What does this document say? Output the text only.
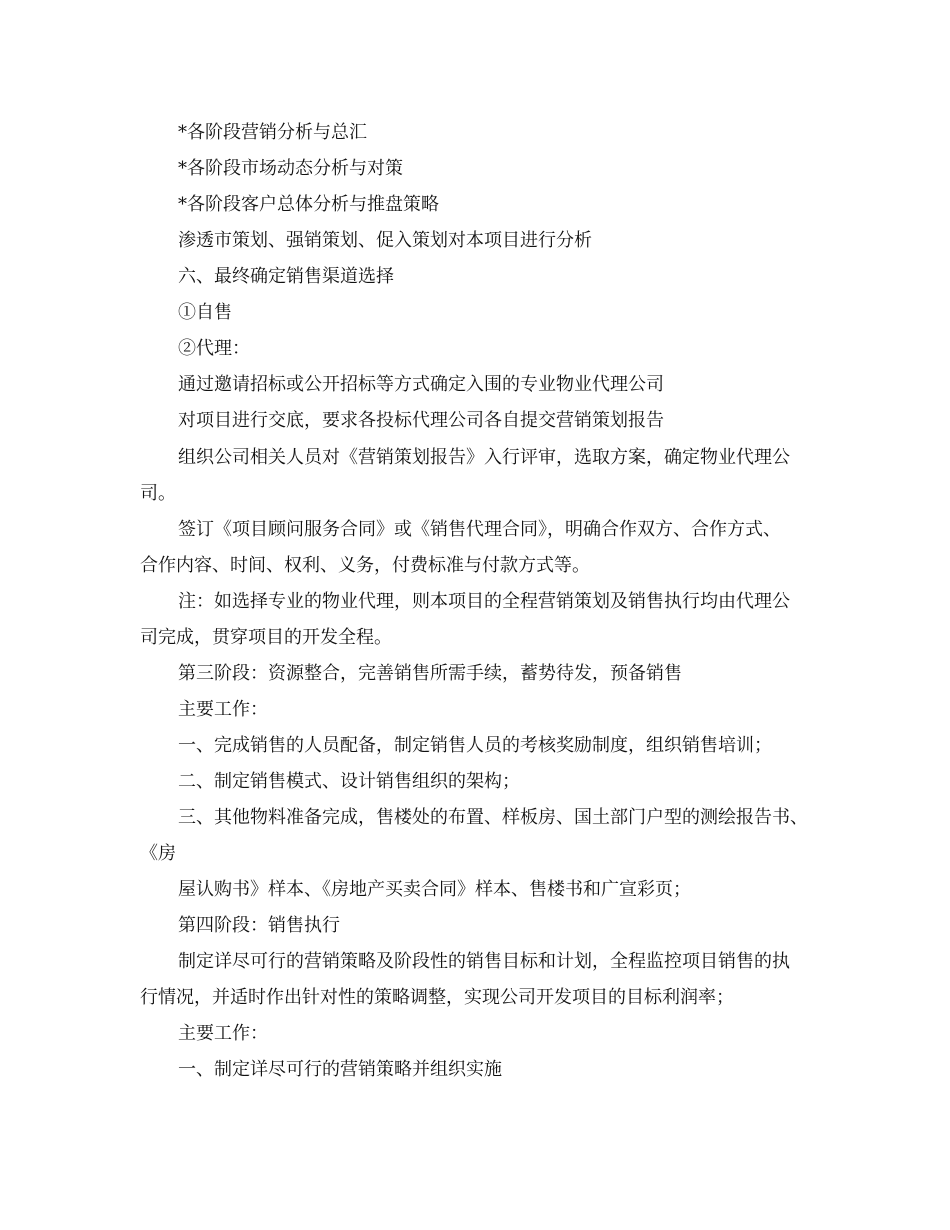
*各阶段营销分析与总汇
*各阶段市场动态分析与对策
*各阶段客户总体分析与推盘策略
渗透市策划、强销策划、促入策划对本项目进行分析
六、最终确定销售渠道选择
①自售
②代理：
通过邀请招标或公开招标等方式确定入围的专业物业代理公司
对项目进行交底，要求各投标代理公司各自提交营销策划报告
组织公司相关人员对《营销策划报告》入行评审，选取方案，确定物业代理公
司。
签订《项目顾问服务合同》或《销售代理合同》，明确合作双方、合作方式、
合作内容、时间、权利、义务，付费标准与付款方式等。
注：如选择专业的物业代理，则本项目的全程营销策划及销售执行均由代理公
司完成，贯穿项目的开发全程。
第三阶段：资源整合，完善销售所需手续，蓄势待发，预备销售
主要工作：
一、完成销售的人员配备，制定销售人员的考核奖励制度，组织销售培训；
二、制定销售模式、设计销售组织的架构；
三、其他物料准备完成，售楼处的布置、样板房、国土部门户型的测绘报告书、
《房
屋认购书》样本、《房地产买卖合同》样本、售楼书和广宣彩页；
第四阶段：销售执行
制定详尽可行的营销策略及阶段性的销售目标和计划，全程监控项目销售的执
行情况，并适时作出针对性的策略调整，实现公司开发项目的目标利润率；
主要工作：
一、制定详尽可行的营销策略并组织实施
